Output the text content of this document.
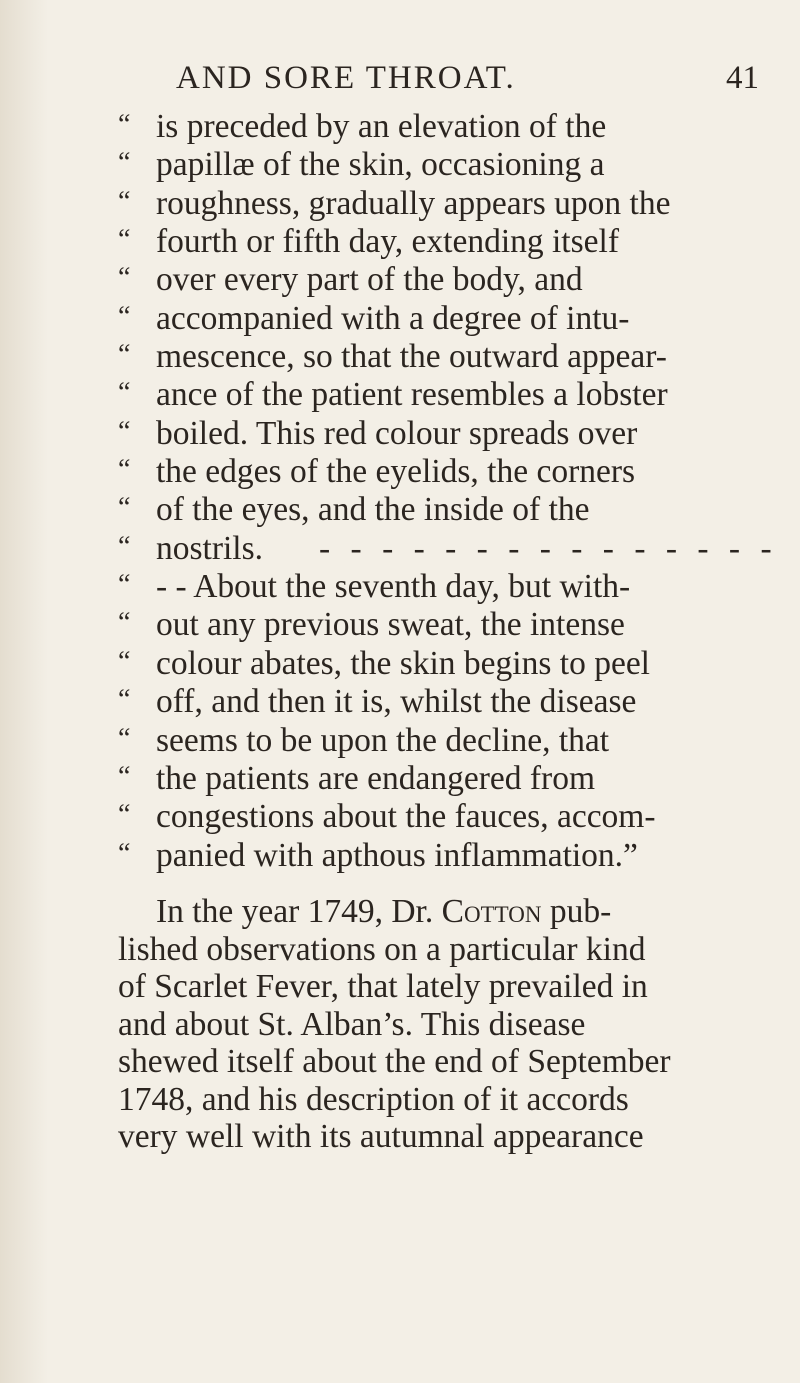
AND SORE THROAT.	41
“ is preceded by an elevation of the
“ papillæ of the skin, occasioning a
“ roughness, gradually appears upon the
“ fourth or fifth day, extending itself
“ over every part of the body, and
“ accompanied with a degree of intu-
“ mescence, so that the outward appear-
“ ance of the patient resembles a lobster
“ boiled. This red colour spreads over
“ the edges of the eyelids, the corners
“ of the eyes, and the inside of the
“ nostrils. - - - - - - - - - - - - - - -
“ - - About the seventh day, but with-
“ out any previous sweat, the intense
“ colour abates, the skin begins to peel
“ off, and then it is, whilst the disease
“ seems to be upon the decline, that
“ the patients are endangered from
“ congestions about the fauces, accom-
“ panied with apthous inflammation.”
In the year 1749, Dr. Cotton pub-
lished observations on a particular kind
of Scarlet Fever, that lately prevailed in
and about St. Alban’s. This disease
shewed itself about the end of September
1748, and his description of it accords
very well with its autumnal appearance
